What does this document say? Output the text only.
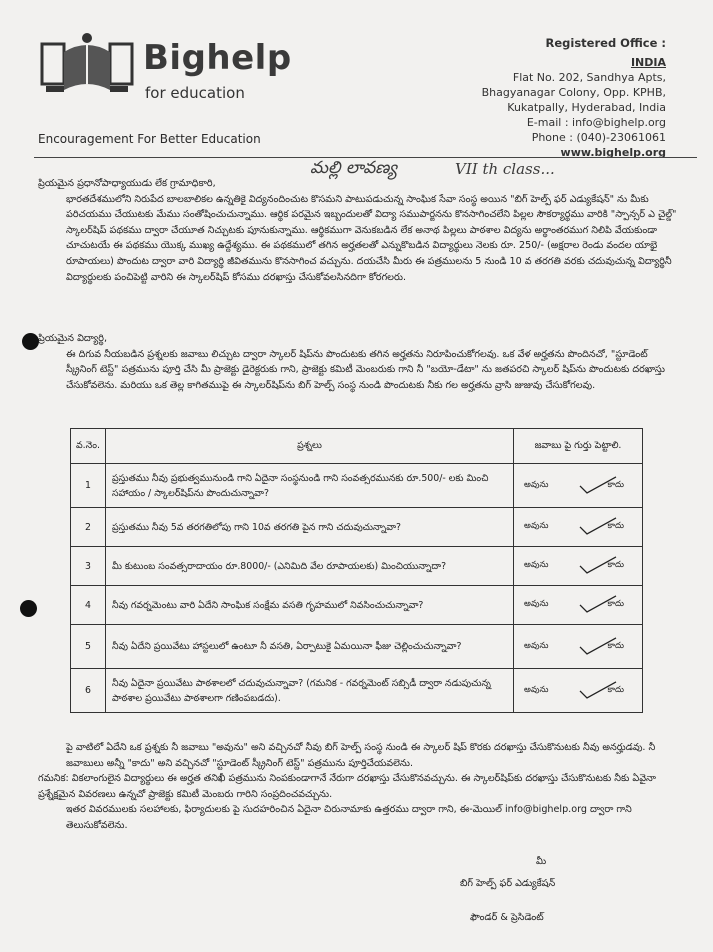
Bighelp
for education
Encouragement For Better Education
Registered Office :
INDIA
Flat No. 202, Sandhya Apts,
Bhagyanagar Colony, Opp. KPHB,
Kukatpally, Hyderabad, India
E-mail : info@bighelp.org
Phone : (040)-23061061
www.bighelp.org
మల్లి లావణ్య	VII th class...
ప్రియమైన ప్రధానోపాధ్యాయుడు లేక గ్రామాధికారి,
భారతదేశములోని నిరుపేద బాలబాలికల ఉన్నతికై విద్యనందించుట కొసమని పాటుపడుచున్న సాంఘిక సేవా సంస్థ అయిన "బిగ్ హెల్ప్ ఫర్ ఎడ్యుకేషన్" ను మీకు పరిచయము చేయుటకు మేము సంతోషించుచున్నాము. ఆర్థిక పరమైన ఇబ్బందులతో విద్యా సముపార్జనను కొనసాగించలేని పిల్లల సౌకర్యార్థము వారికి "స్పాన్సర్ ఎ చైల్డ్" స్కాలర్‌షిప్ పథకము ద్వారా చేయూత నిచ్చుటకు పూనుకున్నాము. ఆర్థికముగా వెనుకబడిన లేక అనాథ పిల్లలు పాఠశాల విద్యను అర్థాంతరముగ నిలిపి వేయకుండా చూచుటయే ఈ పథకము యొక్క ముఖ్య ఉద్దేశ్యము. ఈ పథకములో తగిన అర్హతలతో ఎన్నుకొబడిన విద్యార్థులు నెలకు రూ. 250/- (అక్షరాల రెండు వందల యాభై రూపాయలు) పొందుట ద్వారా వారి విద్యార్థి జీవితమును కొనసాగించ వచ్చును. దయచేసి మీరు ఈ పత్రములను 5 నుండి 10 వ తరగతి వరకు చదువుచున్న విద్యార్థినీ విద్యార్థులకు పంచిపెట్టి వారిని ఈ స్కాలర్‌షిప్ కోసము దరఖాస్తు చేసుకోవలసినదిగా కోరగలరు.
ప్రియమైన విద్యార్థి,
ఈ దిగువ నీయబడిన ప్రశ్నలకు జవాబు లిచ్చుట ద్వారా స్కాలర్ షిప్‌ను పొందుటకు తగిన అర్హతను నిరూపించుకోగలవు. ఒక వేళ అర్హతను పొందినచో, "స్టూడెంట్ స్క్రీనింగ్ టెస్ట్" పత్రమును పూర్తి చేసి మీ ప్రాజెక్టు డైరెక్టరుకు గాని, ప్రాజెక్టు కమిటీ మెంబరుకు గాని నీ "బయో-డేటా" ను జతపరచి స్కాలర్ షిప్‌ను పొందుటకు దరఖాస్తు చేసుకోవలెను. మరియు ఒక తెల్ల కాగితముపై ఈ స్కాలర్‌షిప్‌ను బిగ్ హెల్ప్ సంస్థ నుండి పొందుటకు నీకు గల అర్హతను వ్రాసి జుజువు చేసుకోగలవు.
వ.నెం.	ప్రశ్నలు	జవాబు పై గుర్తు పెట్టాలి.
1	ప్రస్తుతము నీవు ప్రభుత్వమునుండి గాని ఏదైనా సంస్థనుండి గాని సంవత్సరమునకు రూ.500/- లకు మించి సహాయం / స్కాలర్‌షిప్‌ను పొందుచున్నావా?	అవును కాదు

2	ప్రస్తుతము నీవు 5వ తరగతిలోపు గాని 10వ తరగతి పైన గాని చదువుచున్నావా?	అవును కాదు

3	మీ కుటుంబ సంవత్సరాదాయం రూ.8000/- (ఎనిమిది వేల రూపాయలకు) మించియున్నాదా?	అవును కాదు

4	నీవు గవర్నమెంటు వారి ఏదేని సాంఘిక సంక్షేమ వసతి గృహములో నివసించుచున్నావా?	అవును కాదు

5	నీవు ఏదేని ప్రయివేటు హాస్టలులో ఉంటూ నీ వసతి, ఏర్పాటుకై ఏమయినా ఫీజు చెల్లించుచున్నావా?	అవును కాదు

6	నీవు ఏదైనా ప్రయివేటు పాఠశాలలో చదువుచున్నావా? (గమనిక - గవర్నమెంట్ సబ్సిడీ ద్వారా నడుపుచున్న పాఠశాల ప్రయివేటు పాఠశాలగా గణింపబడదు).	అవును కాదు
పై వాటిలో ఏదేని ఒక ప్రశ్నకు నీ జవాబు "అవును" అని వచ్చినచో నీవు బిగ్ హెల్ప్ సంస్థ నుండి ఈ స్కాలర్ షిప్ కొరకు దరఖాస్తు చేసుకొనుటకు నీవు అనర్హుడవు. నీ జవాబులు అన్నీ "కాదు" అని వచ్చినచో "స్టూడెంట్ స్క్రీనింగ్ టెస్ట్" పత్రమును పూర్తిచేయవలెను.
గమనిక: వికలాంగులైన విద్యార్థులు ఈ అర్హత తనిఖీ పత్రమును నింపకుండాగానే నేరుగా దరఖాస్తు చేసుకొనవచ్చును. ఈ స్కాలర్‌షిప్‌కు దరఖాస్తు చేసుకొనుటకు నీకు ఏవైనా ప్రశ్నేక్షమైన వివరణలు ఉన్నచో ప్రాజెక్టు కమిటీ మెంబరు గారిని సంప్రదించవచ్చును.
ఇతర వివరములకు సలహాలకు, ఫిర్యాదులకు పై సుదహరించిన ఏదైనా చిరునామాకు ఉత్తరము ద్వారా గాని, ఈ-మెయిల్ info@bighelp.org ద్వారా గాని తెలుసుకోవలెను.
మీ
బిగ్ హెల్ప్ ఫర్ ఎడ్యుకేషన్
ఫౌండర్ & ప్రెసిడెంట్
